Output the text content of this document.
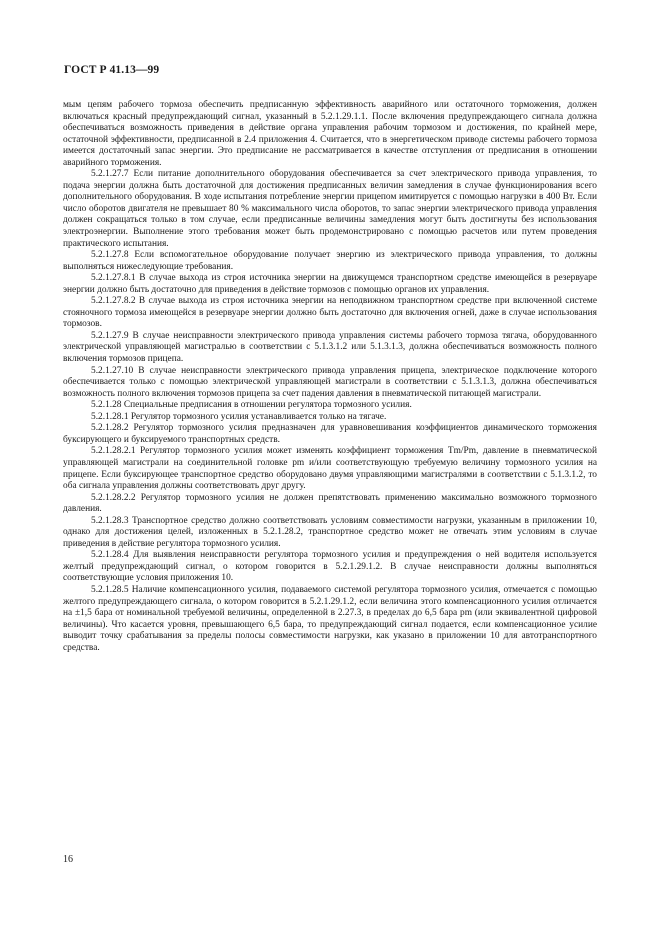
ГОСТ Р 41.13—99

мым цепям рабочего тормоза обеспечить предписанную эффективность аварийного или остаточного торможения, должен включаться красный предупреждающий сигнал, указанный в 5.2.1.29.1.1. После включения предупреждающего сигнала должна обеспечиваться возможность приведения в действие органа управления рабочим тормозом и достижения, по крайней мере, остаточной эффективности, предписанной в 2.4 приложения 4. Считается, что в энергетическом приводе системы рабочего тормоза имеется достаточный запас энергии. Это предписание не рассматривается в качестве отступления от предписания в отношении аварийного торможения.

5.2.1.27.7 Если питание дополнительного оборудования обеспечивается за счет электрического привода управления, то подача энергии должна быть достаточной для достижения предписанных величин замедления в случае функционирования всего дополнительного оборудования. В ходе испытания потребление энергии прицепом имитируется с помощью нагрузки в 400 Вт. Если число оборотов двигателя не превышает 80 % максимального числа оборотов, то запас энергии электрического привода управления должен сокращаться только в том случае, если предписанные величины замедления могут быть достигнуты без использования электроэнергии. Выполнение этого требования может быть продемонстрировано с помощью расчетов или путем проведения практического испытания.

5.2.1.27.8 Если вспомогательное оборудование получает энергию из электрического привода управления, то должны выполняться нижеследующие требования.

5.2.1.27.8.1 В случае выхода из строя источника энергии на движущемся транспортном средстве имеющейся в резервуаре энергии должно быть достаточно для приведения в действие тормозов с помощью органов их управления.

5.2.1.27.8.2 В случае выхода из строя источника энергии на неподвижном транспортном средстве при включенной системе стояночного тормоза имеющейся в резервуаре энергии должно быть достаточно для включения огней, даже в случае использования тормозов.

5.2.1.27.9 В случае неисправности электрического привода управления системы рабочего тормоза тягача, оборудованного электрической управляющей магистралью в соответствии с 5.1.3.1.2 или 5.1.3.1.3, должна обеспечиваться возможность полного включения тормозов прицепа.

5.2.1.27.10 В случае неисправности электрического привода управления прицепа, электрическое подключение которого обеспечивается только с помощью электрической управляющей магистрали в соответствии с 5.1.3.1.3, должна обеспечиваться возможность полного включения тормозов прицепа за счет падения давления в пневматической питающей магистрали.

5.2.1.28 Специальные предписания в отношении регулятора тормозного усилия.

5.2.1.28.1 Регулятор тормозного усилия устанавливается только на тягаче.

5.2.1.28.2 Регулятор тормозного усилия предназначен для уравновешивания коэффициентов динамического торможения буксирующего и буксируемого транспортных средств.

5.2.1.28.2.1 Регулятор тормозного усилия может изменять коэффициент торможения Tm/Pm, давление в пневматической управляющей магистрали на соединительной головке pm и/или соответствующую требуемую величину тормозного усилия на прицепе. Если буксирующее транспортное средство оборудовано двумя управляющими магистралями в соответствии с 5.1.3.1.2, то оба сигнала управления должны соответствовать друг другу.

5.2.1.28.2.2 Регулятор тормозного усилия не должен препятствовать применению максимально возможного тормозного давления.

5.2.1.28.3 Транспортное средство должно соответствовать условиям совместимости нагрузки, указанным в приложении 10, однако для достижения целей, изложенных в 5.2.1.28.2, транспортное средство может не отвечать этим условиям в случае приведения в действие регулятора тормозного усилия.

5.2.1.28.4 Для выявления неисправности регулятора тормозного усилия и предупреждения о ней водителя используется желтый предупреждающий сигнал, о котором говорится в 5.2.1.29.1.2. В случае неисправности должны выполняться соответствующие условия приложения 10.

5.2.1.28.5 Наличие компенсационного усилия, подаваемого системой регулятора тормозного усилия, отмечается с помощью желтого предупреждающего сигнала, о котором говорится в 5.2.1.29.1.2, если величина этого компенсационного усилия отличается на ±1,5 бара от номинальной требуемой величины, определенной в 2.27.3, в пределах до 6,5 бара pm (или эквивалентной цифровой величины). Что касается уровня, превышающего 6,5 бара, то предупреждающий сигнал подается, если компенсационное усилие выводит точку срабатывания за пределы полосы совместимости нагрузки, как указано в приложении 10 для автотранспортного средства.

16
